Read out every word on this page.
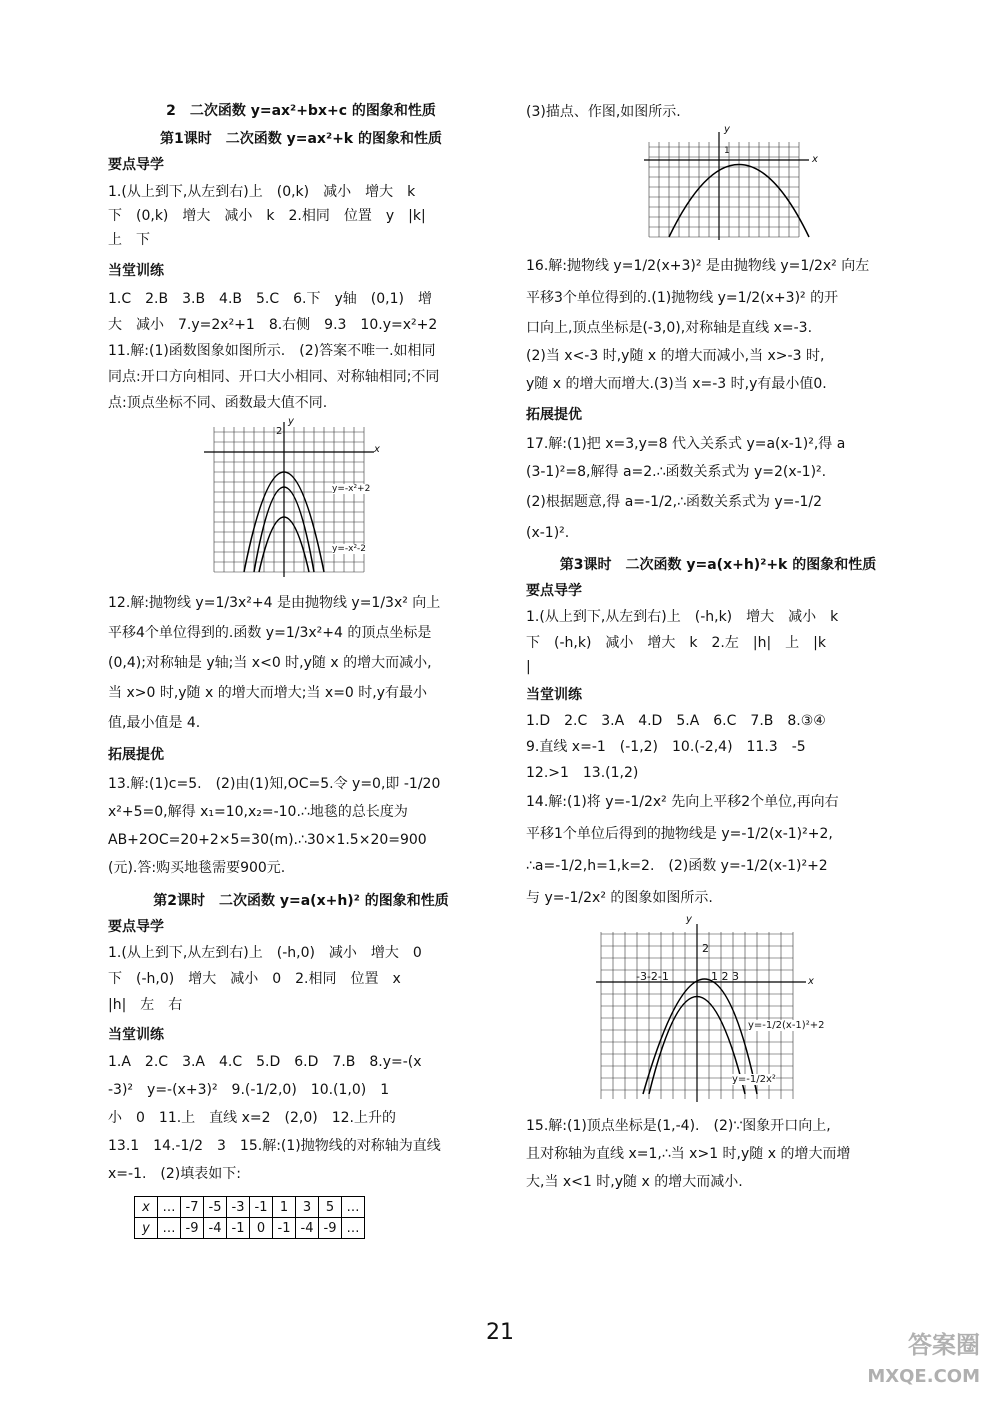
2　二次函数 y=ax²+bx+c 的图象和性质

第1课时　二次函数 y=ax²+k 的图象和性质

要点导学

1.(从上到下,从左到右)上　(0,k)　减小　增大　k

下　(0,k)　增大　减小　k　2.相同　位置　y　|k|

上　下

当堂训练

1.C　2.B　3.B　4.B　5.C　6.下　y轴　(0,1)　增

大　减小　7.y=2x²+1　8.右侧　9.3　10.y=x²+2

11.解:(1)函数图象如图所示.　(2)答案不唯一.如相同

同点:开口方向相同、开口大小相同、对称轴相同;不同

点:顶点坐标不同、函数最大值不同.

y
x
2
y=-x²+2
y=-x²-2

12.解:抛物线 y=1/3x²+4 是由抛物线 y=1/3x² 向上

平移4个单位得到的.函数 y=1/3x²+4 的顶点坐标是

(0,4);对称轴是 y轴;当 x<0 时,y随 x 的增大而减小,

当 x>0 时,y随 x 的增大而增大;当 x=0 时,y有最小

值,最小值是 4.

拓展提优

13.解:(1)c=5.　(2)由(1)知,OC=5.令 y=0,即 -1/20

x²+5=0,解得 x₁=10,x₂=-10.∴地毯的总长度为

AB+2OC=20+2×5=30(m).∴30×1.5×20=900

(元).答:购买地毯需要900元.

第2课时　二次函数 y=a(x+h)² 的图象和性质

要点导学

1.(从上到下,从左到右)上　(-h,0)　减小　增大　0

下　(-h,0)　增大　减小　0　2.相同　位置　x

|h|　左　右

当堂训练

1.A　2.C　3.A　4.C　5.D　6.D　7.B　8.y=-(x

-3)²　y=-(x+3)²　9.(-1/2,0)　10.(1,0)　1

小　0　11.上　直线 x=2　(2,0)　12.上升的

13.1　14.-1/2　3　15.解:(1)抛物线的对称轴为直线

x=-1.　(2)填表如下:

x	…	-7	-5	-3	-1	1	3	5	…
y	…	-9	-4	-1	0	-1	-4	-9	…

(3)描点、作图,如图所示.

y
x
1

16.解:抛物线 y=1/2(x+3)² 是由抛物线 y=1/2x² 向左

平移3个单位得到的.(1)抛物线 y=1/2(x+3)² 的开

口向上,顶点坐标是(-3,0),对称轴是直线 x=-3.

(2)当 x<-3 时,y随 x 的增大而减小,当 x>-3 时,

y随 x 的增大而增大.(3)当 x=-3 时,y有最小值0.

拓展提优

17.解:(1)把 x=3,y=8 代入关系式 y=a(x-1)²,得 a

(3-1)²=8,解得 a=2.∴函数关系式为 y=2(x-1)².

(2)根据题意,得 a=-1/2,∴函数关系式为 y=-1/2

(x-1)².

第3课时　二次函数 y=a(x+h)²+k 的图象和性质

要点导学

1.(从上到下,从左到右)上　(-h,k)　增大　减小　k

下　(-h,k)　减小　增大　k　2.左　|h|　上　|k

|

当堂训练

1.D　2.C　3.A　4.D　5.A　6.C　7.B　8.③④

9.直线 x=-1　(-1,2)　10.(-2,4)　11.3　-5

12.>1　13.(1,2)

14.解:(1)将 y=-1/2x² 先向上平移2个单位,再向右

平移1个单位后得到的抛物线是 y=-1/2(x-1)²+2,

∴a=-1/2,h=1,k=2.　(2)函数 y=-1/2(x-1)²+2

与 y=-1/2x² 的图象如图所示.

y
x
2
-3-2-1	1 2 3
y=-1/2(x-1)²+2
y=-1/2x²

15.解:(1)顶点坐标是(1,-4).　(2)∵图象开口向上,

且对称轴为直线 x=1,∴当 x>1 时,y随 x 的增大而增

大,当 x<1 时,y随 x 的增大而减小.

21	答案圈
MXQE.COM
